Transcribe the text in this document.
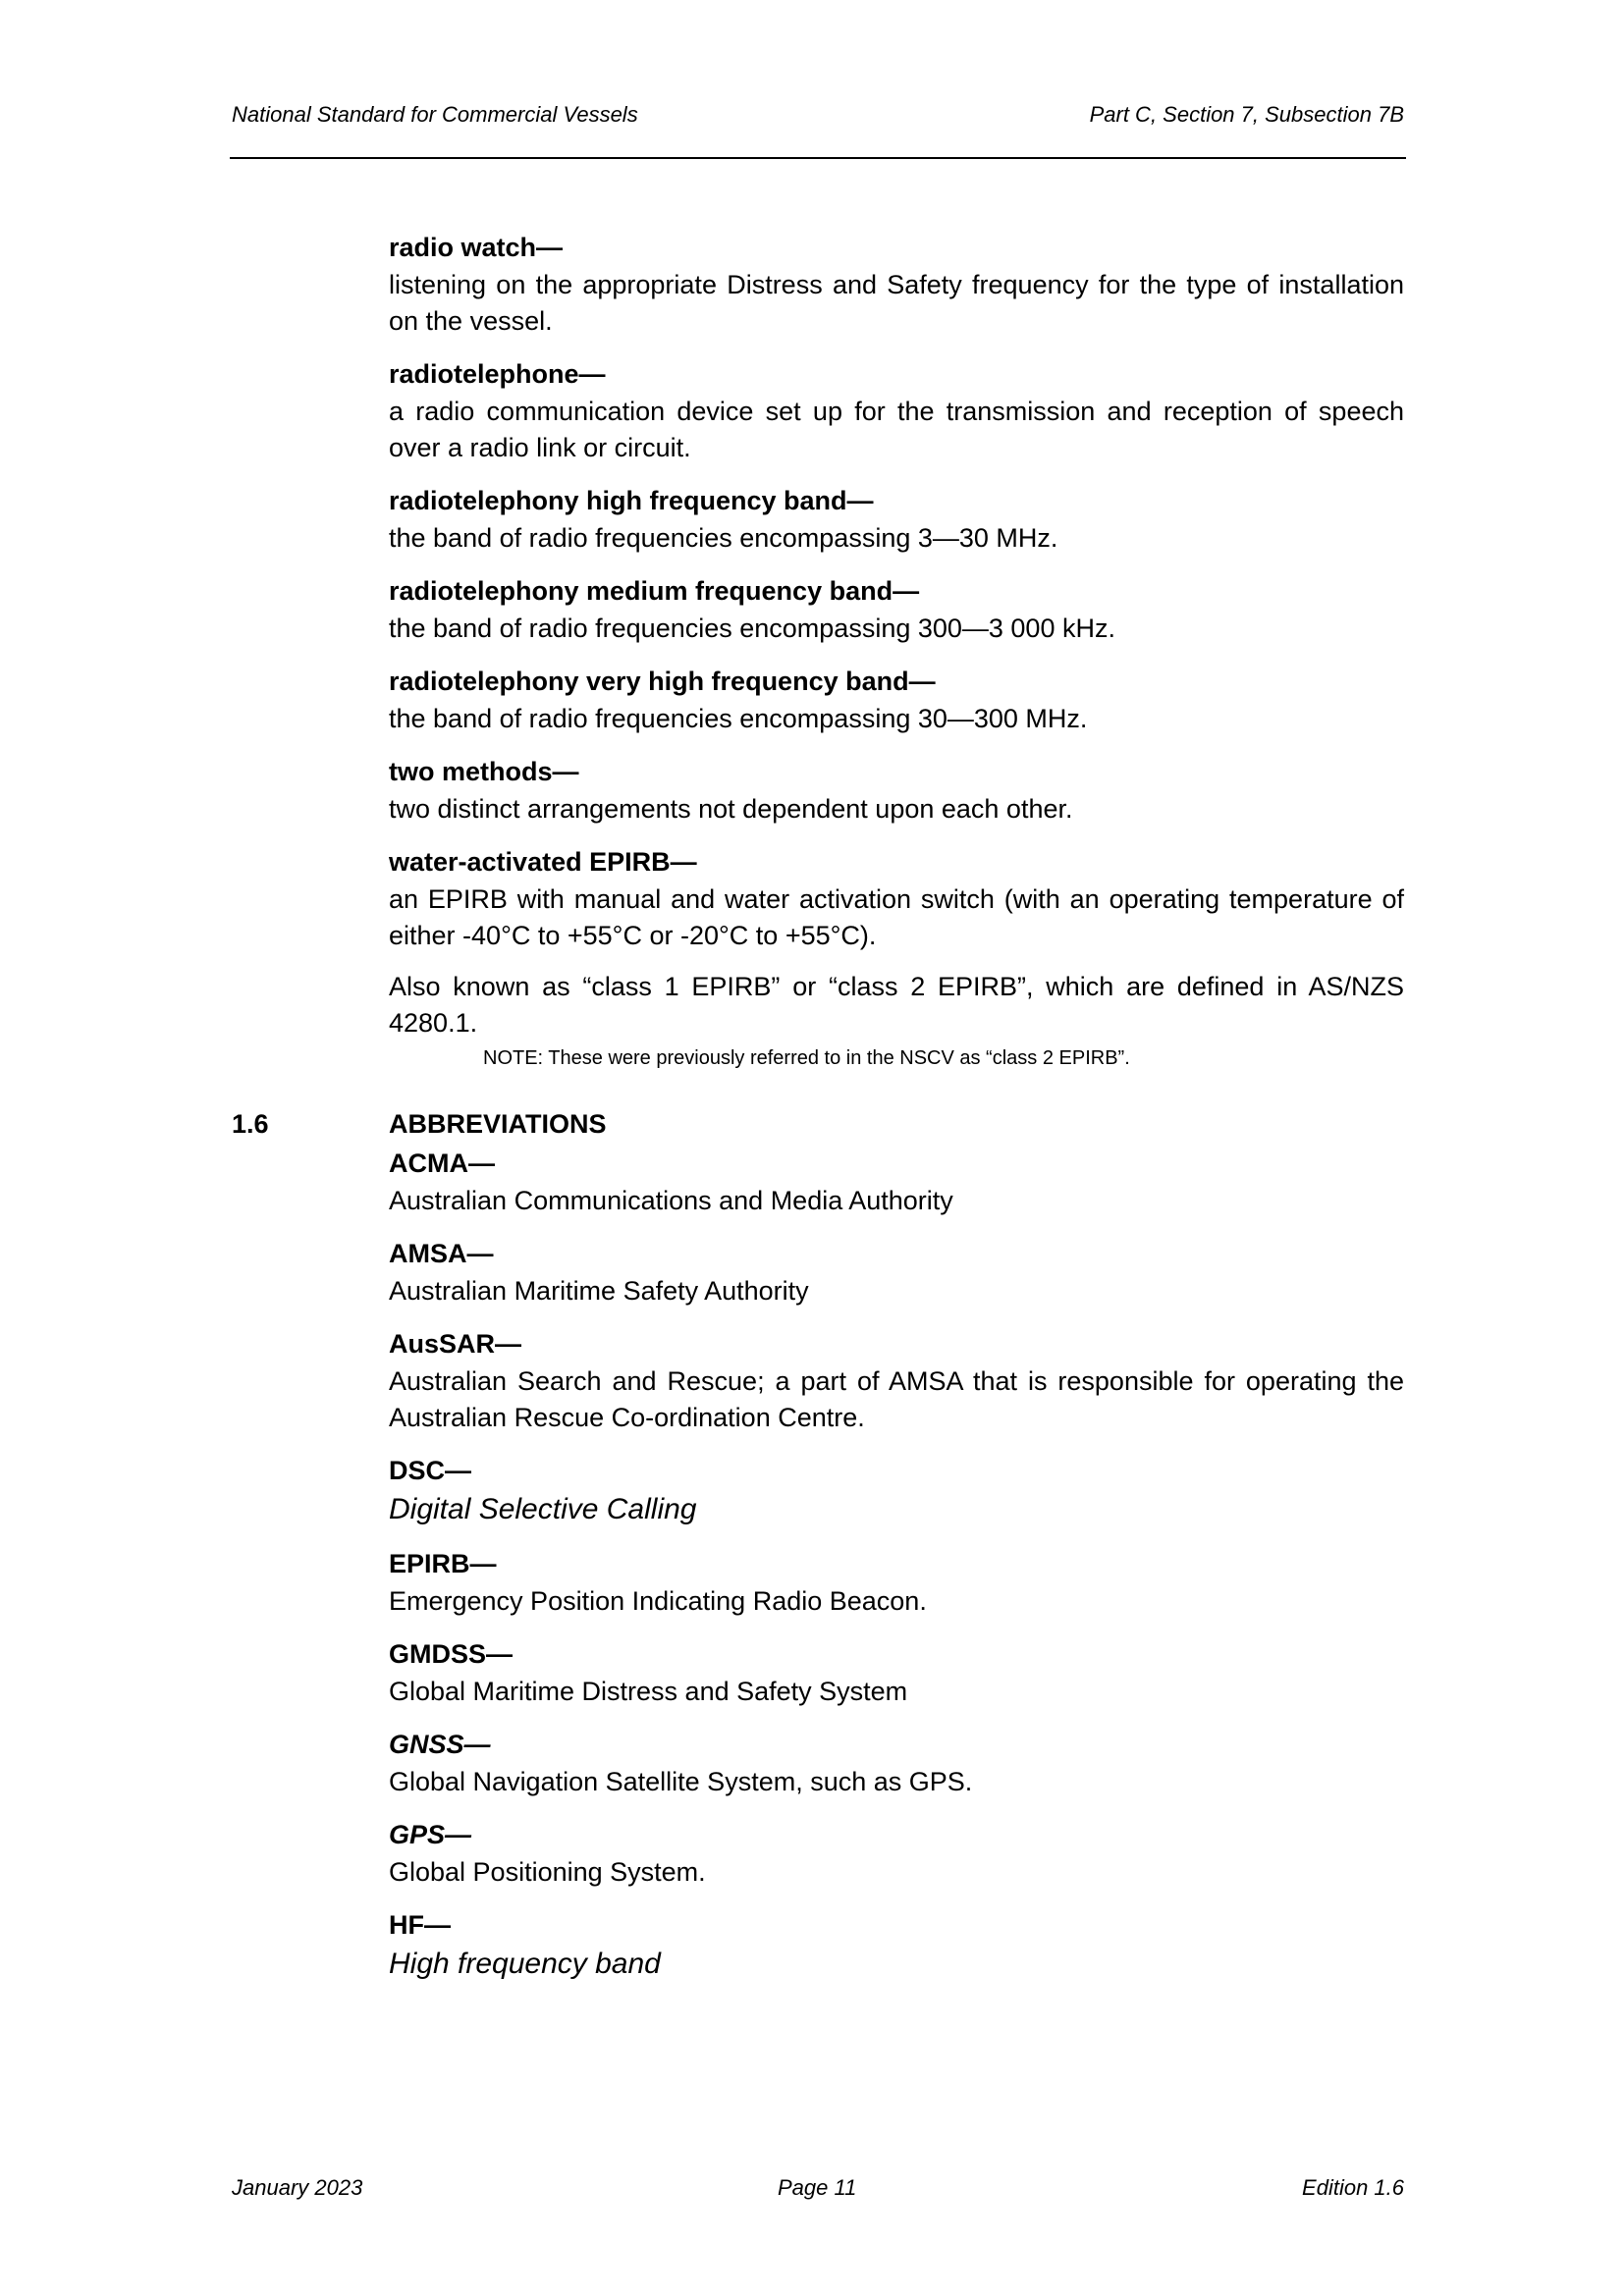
National Standard for Commercial Vessels	Part C, Section 7, Subsection 7B

radio watch—

listening on the appropriate Distress and Safety frequency for the type of installation on the vessel.

radiotelephone—

a radio communication device set up for the transmission and reception of speech over a radio link or circuit.

radiotelephony high frequency band—

the band of radio frequencies encompassing 3—30 MHz.

radiotelephony medium frequency band—

the band of radio frequencies encompassing 300—3 000 kHz.

radiotelephony very high frequency band—

the band of radio frequencies encompassing 30—300 MHz.

two methods—

two distinct arrangements not dependent upon each other.

water-activated EPIRB—

an EPIRB with manual and water activation switch (with an operating temperature of either -40°C to +55°C or -20°C to +55°C).

Also known as “class 1 EPIRB” or “class 2 EPIRB”, which are defined in AS/NZS 4280.1.

NOTE: These were previously referred to in the NSCV as “class 2 EPIRB”.

1.6	ABBREVIATIONS

ACMA—

Australian Communications and Media Authority

AMSA—

Australian Maritime Safety Authority

AusSAR—

Australian Search and Rescue; a part of AMSA that is responsible for operating the Australian Rescue Co-ordination Centre.

DSC—

Digital Selective Calling

EPIRB—

Emergency Position Indicating Radio Beacon.

GMDSS—

Global Maritime Distress and Safety System

GNSS—

Global Navigation Satellite System, such as GPS.

GPS—

Global Positioning System.

HF—

High frequency band

January 2023	Page 11	Edition 1.6
